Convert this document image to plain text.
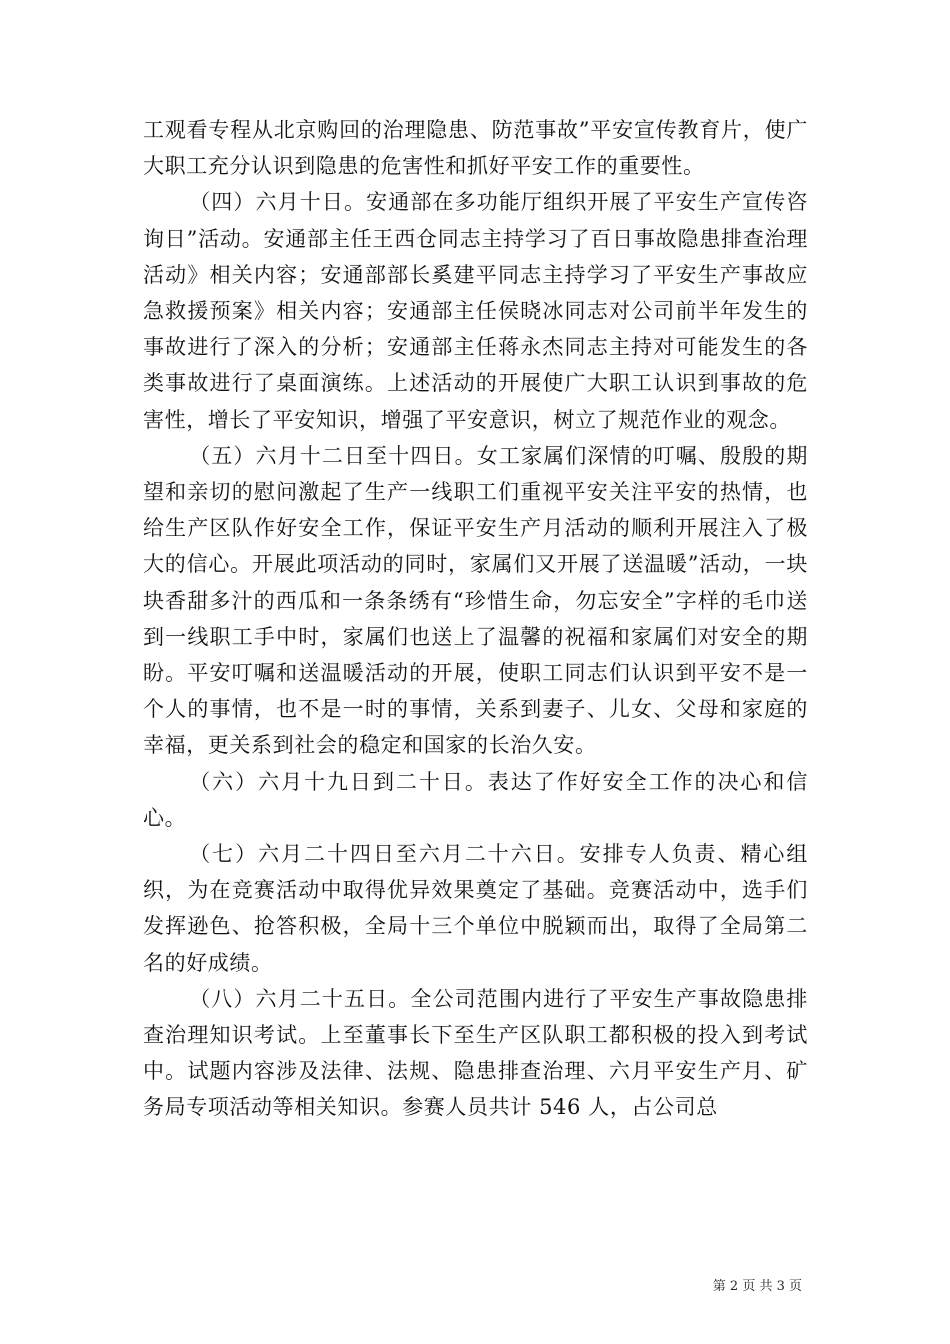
工观看专程从北京购回的治理隐患、防范事故”平安宣传教育片，使广大职工充分认识到隐患的危害性和抓好平安工作的重要性。

（四）六月十日。安通部在多功能厅组织开展了平安生产宣传咨询日”活动。安通部主任王西仓同志主持学习了百日事故隐患排查治理活动》相关内容；安通部部长奚建平同志主持学习了平安生产事故应急救援预案》相关内容；安通部主任侯晓冰同志对公司前半年发生的事故进行了深入的分析；安通部主任蒋永杰同志主持对可能发生的各类事故进行了桌面演练。上述活动的开展使广大职工认识到事故的危害性，增长了平安知识，增强了平安意识，树立了规范作业的观念。

（五）六月十二日至十四日。女工家属们深情的叮嘱、殷殷的期望和亲切的慰问激起了生产一线职工们重视平安关注平安的热情，也给生产区队作好安全工作，保证平安生产月活动的顺利开展注入了极大的信心。开展此项活动的同时，家属们又开展了送温暖”活动，一块块香甜多汁的西瓜和一条条绣有“珍惜生命，勿忘安全”字样的毛巾送到一线职工手中时，家属们也送上了温馨的祝福和家属们对安全的期盼。平安叮嘱和送温暖活动的开展，使职工同志们认识到平安不是一个人的事情，也不是一时的事情，关系到妻子、儿女、父母和家庭的幸福，更关系到社会的稳定和国家的长治久安。

（六）六月十九日到二十日。表达了作好安全工作的决心和信心。

（七）六月二十四日至六月二十六日。安排专人负责、精心组织，为在竞赛活动中取得优异效果奠定了基础。竞赛活动中，选手们发挥逊色、抢答积极，全局十三个单位中脱颖而出，取得了全局第二名的好成绩。

（八）六月二十五日。全公司范围内进行了平安生产事故隐患排查治理知识考试。上至董事长下至生产区队职工都积极的投入到考试中。试题内容涉及法律、法规、隐患排查治理、六月平安生产月、矿务局专项活动等相关知识。参赛人员共计 546 人，占公司总

第 2 页 共 3 页
